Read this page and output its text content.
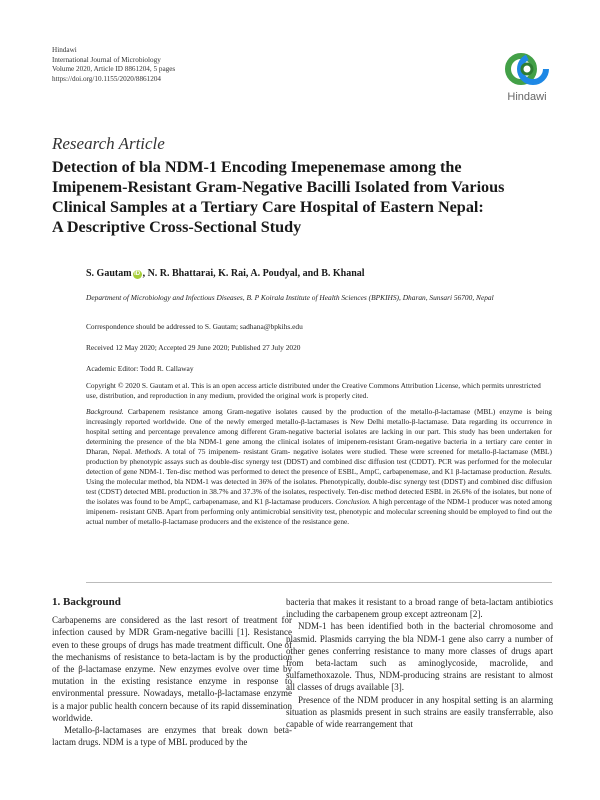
Hindawi
International Journal of Microbiology
Volume 2020, Article ID 8861204, 5 pages
https://doi.org/10.1155/2020/8861204
Hindawi
Research Article
Detection of bla NDM-1 Encoding Imepenemase among the
Imipenem-Resistant Gram-Negative Bacilli Isolated from Various
Clinical Samples at a Tertiary Care Hospital of Eastern Nepal:
A Descriptive Cross-Sectional Study
S. Gautam iD , N. R. Bhattarai, K. Rai, A. Poudyal, and B. Khanal
Department of Microbiology and Infectious Diseases, B. P Koirala Institute of Health Sciences (BPKIHS), Dharan, Sunsari 56700, Nepal
Correspondence should be addressed to S. Gautam; sadhana@bpkihs.edu
Received 12 May 2020; Accepted 29 June 2020; Published 27 July 2020
Academic Editor: Todd R. Callaway
Copyright © 2020 S. Gautam et al. This is an open access article distributed under the Creative Commons Attribution License, which permits unrestricted use, distribution, and reproduction in any medium, provided the original work is properly cited.
Background. Carbapenem resistance among Gram-negative isolates caused by the production of the metallo-β-lactamase (MBL) enzyme is being increasingly reported worldwide. One of the newly emerged metallo-β-lactamases is New Delhi metallo-β-lactamase. Data regarding its occurrence in hospital setting and percentage prevalence among different Gram-negative bacterial isolates are lacking in our part. This study has been undertaken for determining the presence of the bla NDM-1 gene among the clinical isolates of imipenem-resistant Gram-negative bacteria in a tertiary care center in Dharan, Nepal. Methods. A total of 75 imipenem- resistant Gram- negative isolates were studied. These were screened for metallo-β-lactamase (MBL) production by phenotypic assays such as double-disc synergy test (DDST) and combined disc diffusion test (CDDT). PCR was performed for the molecular detection of gene NDM-1. Ten-disc method was performed to detect the presence of ESBL, AmpC, carbapenemase, and K1 β-lactamase production. Results. Using the molecular method, bla NDM-1 was detected in 36% of the isolates. Phenotypically, double-disc synergy test (DDST) and combined disc diffusion test (CDST) detected MBL production in 38.7% and 37.3% of the isolates, respectively. Ten-disc method detected ESBL in 26.6% of the isolates, but none of the isolates was found to be AmpC, carbapenamase, and K1 β-lactamase producers. Conclusion. A high percentage of the NDM-1 producer was noted among imipenem- resistant GNB. Apart from performing only antimicrobial sensitivity test, phenotypic and molecular screening should be employed to find out the actual number of metallo-β-lactamase producers and the existence of the resistance gene.
1. Background

Carbapenems are considered as the last resort of treatment for infection caused by MDR Gram-negative bacilli [1]. Resistance even to these groups of drugs has made treatment difficult. One of the mechanisms of resistance to beta-lactam is by the production of the β-lactamase enzyme. New enzymes evolve over time by mutation in the existing resistance enzyme in response to environmental pressure. Nowadays, metallo-β-lactamase enzyme is a major public health concern because of its rapid dissemination worldwide.

Metallo-β-lactamases are enzymes that break down beta-lactam drugs. NDM is a type of MBL produced by the

bacteria that makes it resistant to a broad range of beta-lactam antibiotics including the carbapenem group except aztreonam [2].

NDM-1 has been identified both in the bacterial chromosome and plasmid. Plasmids carrying the bla NDM-1 gene also carry a number of other genes conferring resistance to many more classes of drugs apart from beta-lactam such as aminoglycoside, macrolide, and sulfamethoxazole. Thus, NDM-producing strains are resistant to almost all classes of drugs available [3].

Presence of the NDM producer in any hospital setting is an alarming situation as plasmids present in such strains are easily transferrable, also capable of wide rearrangement that
